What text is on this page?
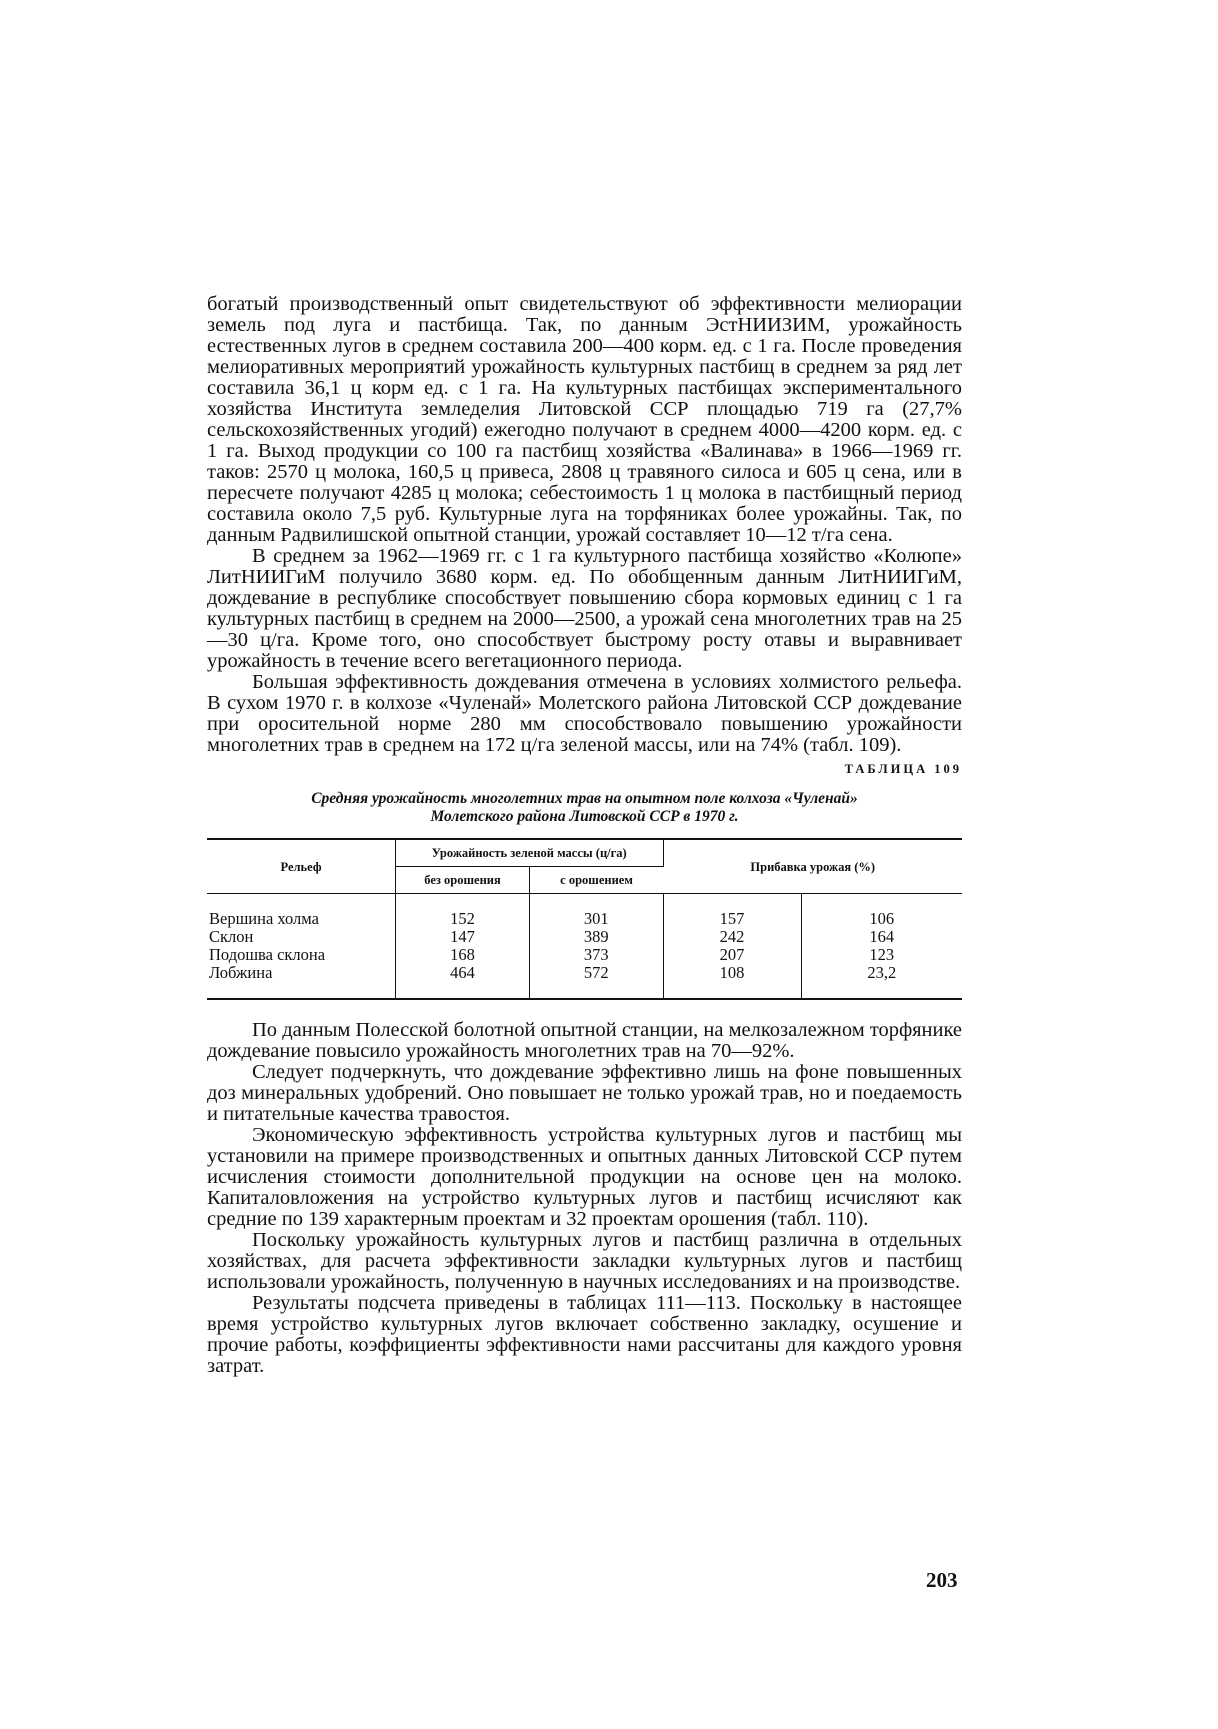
богатый производственный опыт свидетельствуют об эффективности мелиорации земель под луга и пастбища. Так, по данным ЭстНИИЗИМ, урожайность естественных лугов в среднем составила 200—400 корм. ед. с 1 га. После проведения мелиоративных мероприятий урожайность культурных пастбищ в среднем за ряд лет составила 36,1 ц корм ед. с 1 га. На культурных пастбищах экспериментального хозяйства Института земледелия Литовской ССР площадью 719 га (27,7% сельскохозяйственных угодий) ежегодно получают в среднем 4000—4200 корм. ед. с 1 га. Выход продукции со 100 га пастбищ хозяйства «Валинава» в 1966—1969 гг. таков: 2570 ц молока, 160,5 ц привеса, 2808 ц травяного силоса и 605 ц сена, или в пересчете получают 4285 ц молока; себестоимость 1 ц молока в пастбищный период составила около 7,5 руб. Культурные луга на торфяниках более урожайны. Так, по данным Радвилишской опытной станции, урожай составляет 10—12 т/га сена.

В среднем за 1962—1969 гг. с 1 га культурного пастбища хозяйство «Колюпе» ЛитНИИГиМ получило 3680 корм. ед. По обобщенным данным ЛитНИИГиМ, дождевание в республике способствует повышению сбора кормовых единиц с 1 га культурных пастбищ в среднем на 2000—2500, а урожай сена многолетних трав на 25—30 ц/га. Кроме того, оно способствует быстрому росту отавы и выравнивает урожайность в течение всего вегетационного периода.

Большая эффективность дождевания отмечена в условиях холмистого рельефа. В сухом 1970 г. в колхозе «Чуленай» Молетского района Литовской ССР дождевание при оросительной норме 280 мм способствовало повышению урожайности многолетних трав в среднем на 172 ц/га зеленой массы, или на 74% (табл. 109).

ТАБЛИЦА 109
Средняя урожайность многолетних трав на опытном поле колхоза «Чуленай»
Молетского района Литовской ССР в 1970 г.
Рельеф	Урожайность зеленой массы (ц/га)		Прибавка урожая (%)	
	без орошения	с орошением		
Вершина холма	152	301	157	106
Склон	147	389	242	164
Подошва склона	168	373	207	123
Лобжина	464	572	108	23,2

По данным Полесской болотной опытной станции, на мелкозалежном торфянике дождевание повысило урожайность многолетних трав на 70—92%.

Следует подчеркнуть, что дождевание эффективно лишь на фоне повышенных доз минеральных удобрений. Оно повышает не только урожай трав, но и поедаемость и питательные качества травостоя.

Экономическую эффективность устройства культурных лугов и пастбищ мы установили на примере производственных и опытных данных Литовской ССР путем исчисления стоимости дополнительной продукции на основе цен на молоко. Капиталовложения на устройство культурных лугов и пастбищ исчисляют как средние по 139 характерным проектам и 32 проектам орошения (табл. 110).

Поскольку урожайность культурных лугов и пастбищ различна в отдельных хозяйствах, для расчета эффективности закладки культурных лугов и пастбищ использовали урожайность, полученную в научных исследованиях и на производстве.

Результаты подсчета приведены в таблицах 111—113. Поскольку в настоящее время устройство культурных лугов включает собственно закладку, осушение и прочие работы, коэффициенты эффективности нами рассчитаны для каждого уровня затрат.

203
